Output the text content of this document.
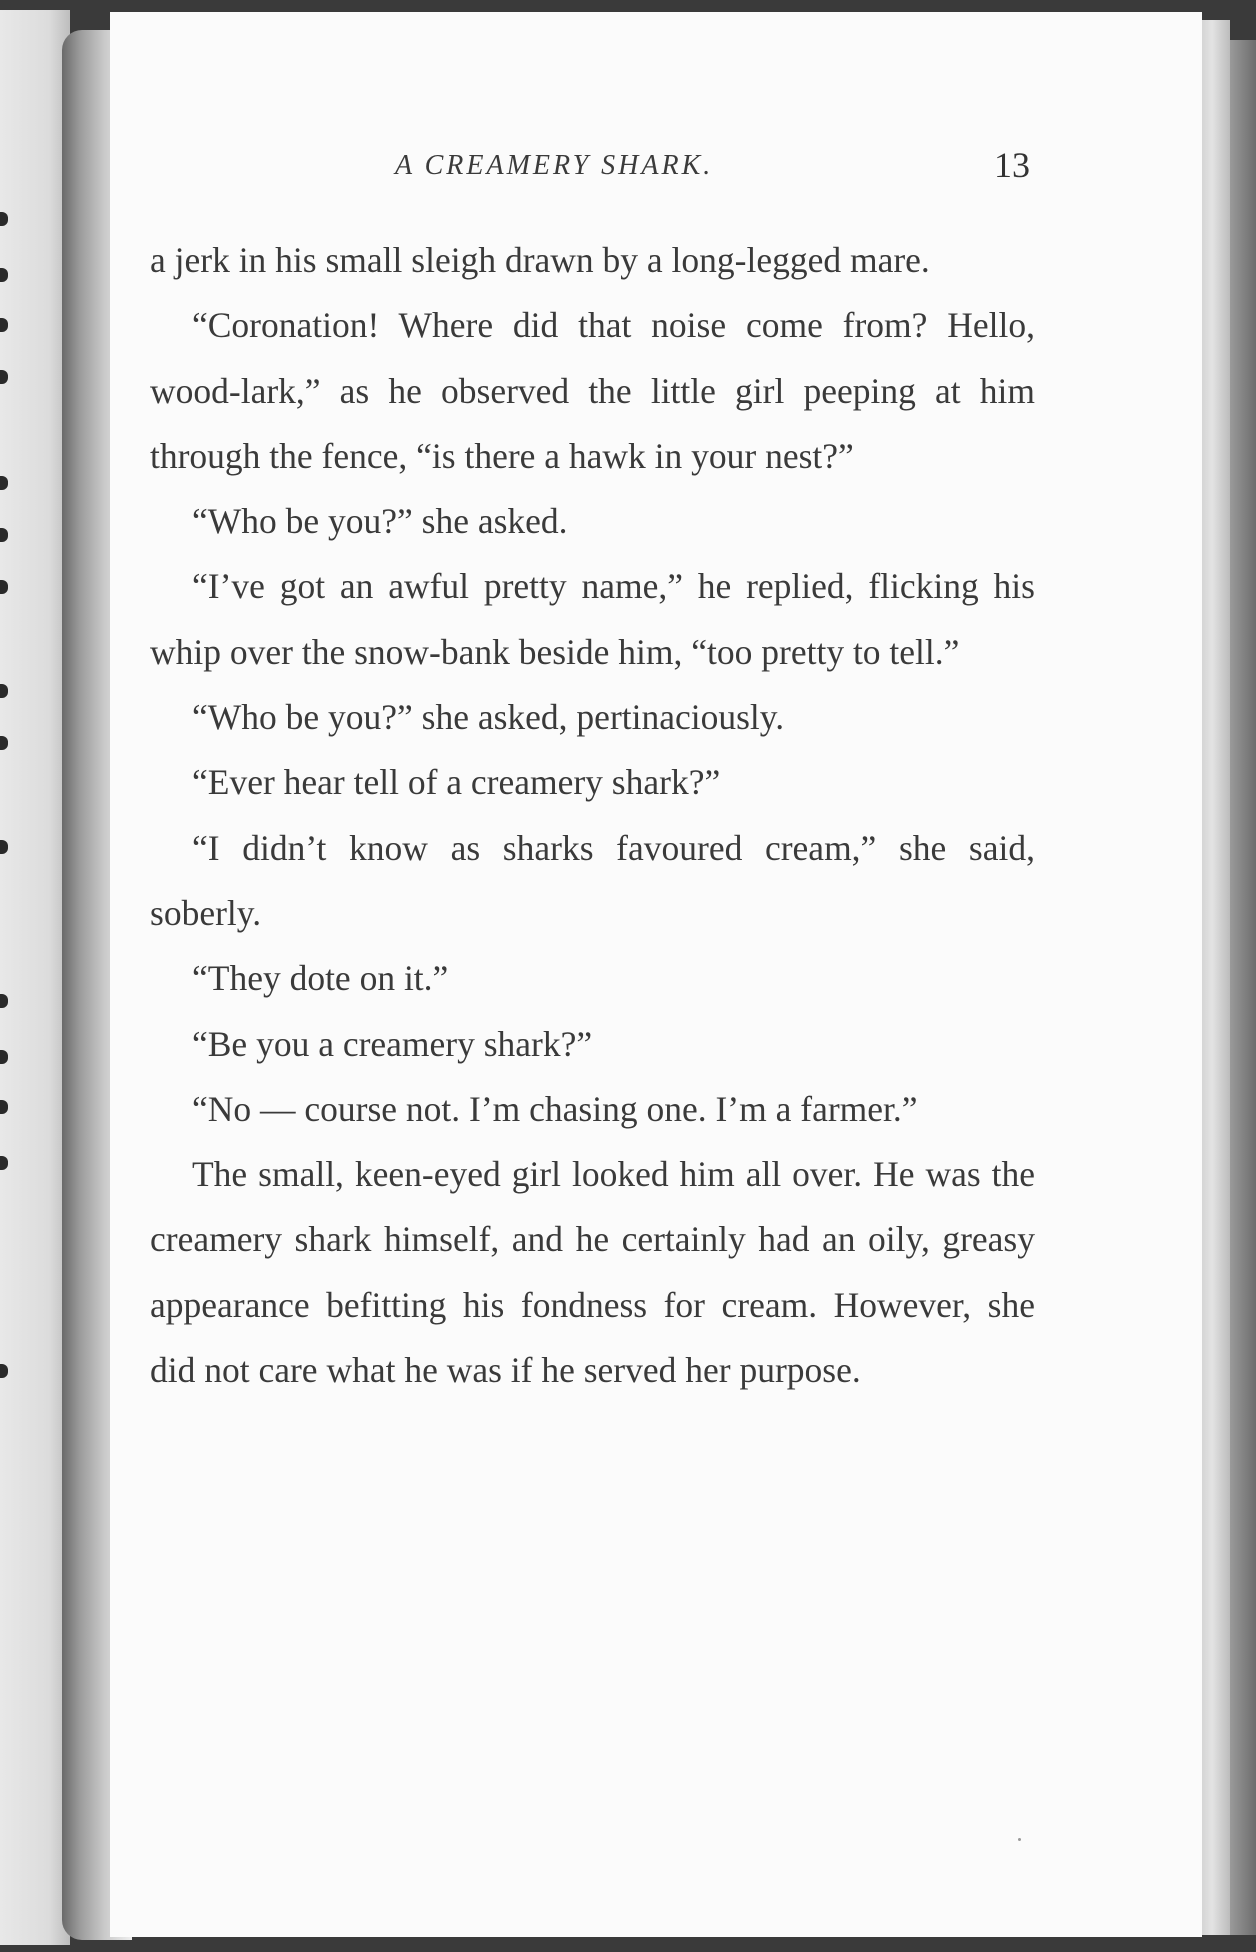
A CREAMERY SHARK.	13

a jerk in his small sleigh drawn by a long-legged mare.

“Coronation! Where did that noise come from? Hello, wood-lark,” as he observed the little girl peeping at him through the fence, “is there a hawk in your nest?”

“Who be you?” she asked.

“I’ve got an awful pretty name,” he replied, flicking his whip over the snow-bank beside him, “too pretty to tell.”

“Who be you?” she asked, pertinaciously.

“Ever hear tell of a creamery shark?”

“I didn’t know as sharks favoured cream,” she said, soberly.

“They dote on it.”

“Be you a creamery shark?”

“No — course not. I’m chasing one. I’m a farmer.”

The small, keen-eyed girl looked him all over. He was the creamery shark himself, and he certainly had an oily, greasy appearance befitting his fondness for cream. However, she did not care what he was if he served her purpose.
